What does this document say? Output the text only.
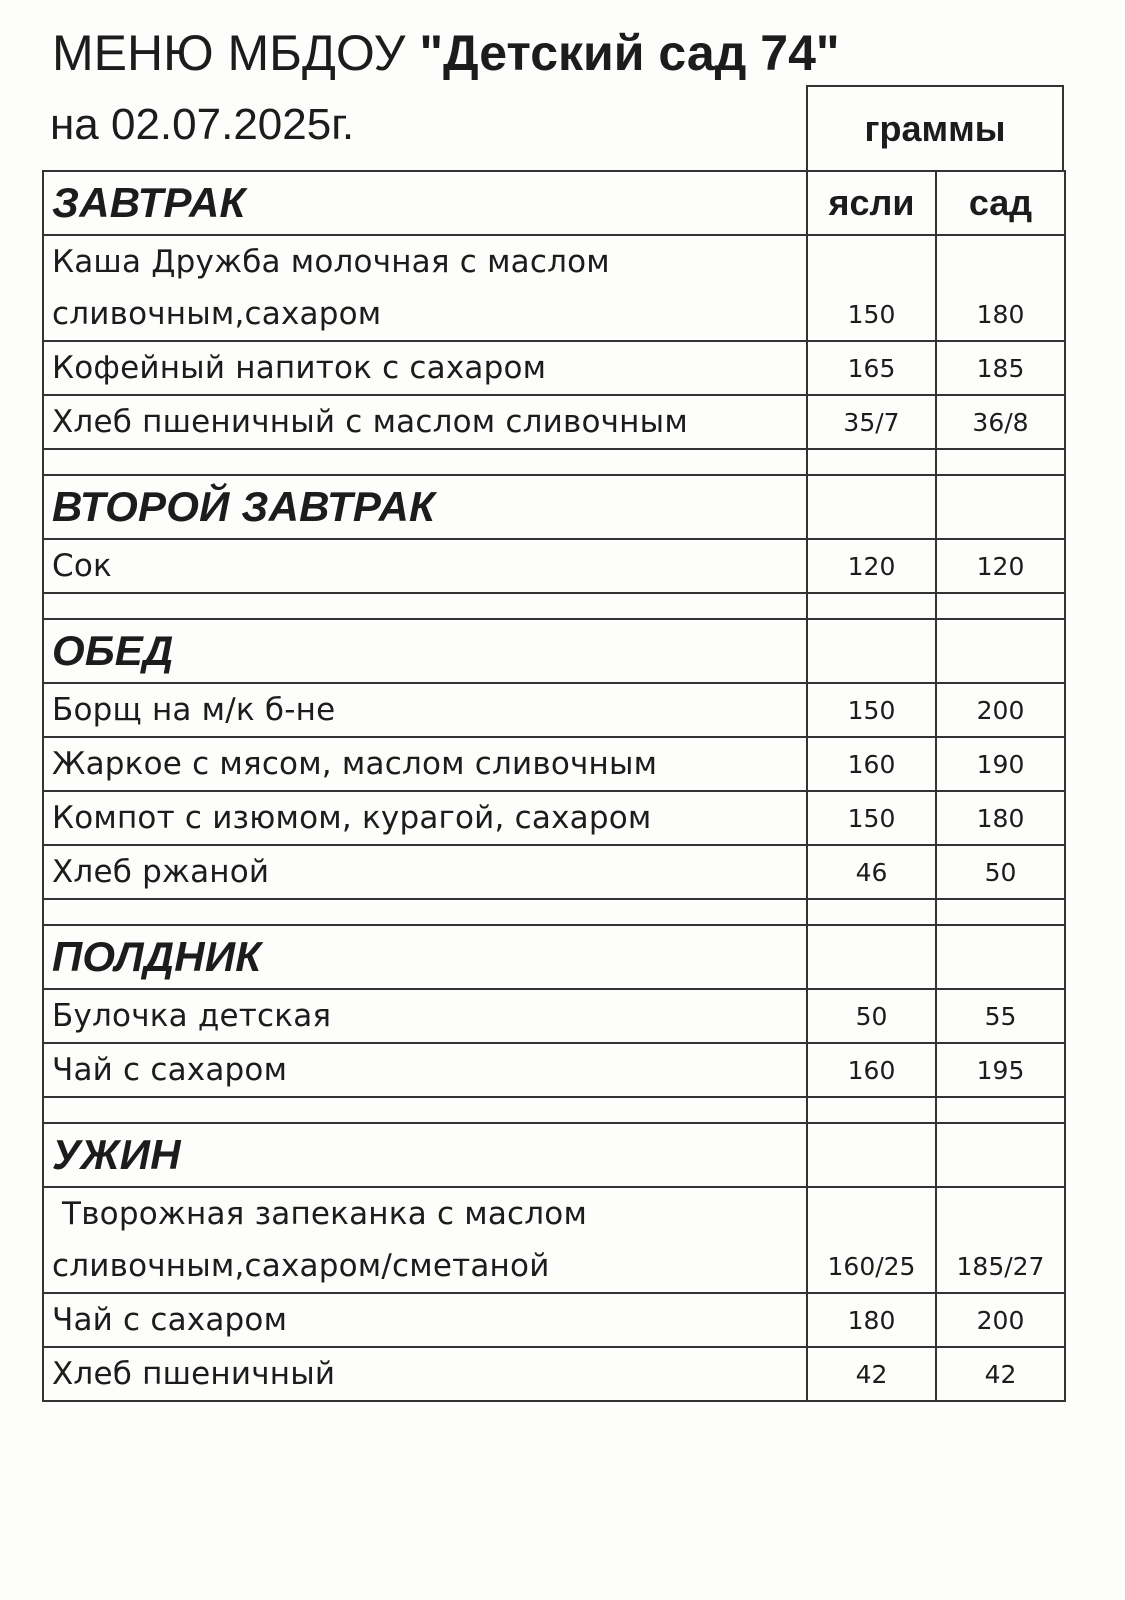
МЕНЮ МБДОУ "Детский сад 74"
на 02.07.2025г.	граммы
ЗАВТРАК	ясли	сад
Каша Дружба молочная с маслом
сливочным,сахаром	150	180
Кофейный напиток с сахаром	165	185
Хлеб пшеничный с маслом сливочным	35/7	36/8

ВТОРОЙ ЗАВТРАК		
Сок	120	120

ОБЕД		
Борщ на м/к б-не	150	200
Жаркое с мясом, маслом сливочным	160	190
Компот с изюмом, курагой, сахаром	150	180
Хлеб ржаной	46	50

ПОЛДНИК		
Булочка детская	50	55
Чай с сахаром	160	195

УЖИН		
Творожная запеканка с маслом
сливочным,сахаром/сметаной	160/25	185/27
Чай с сахаром	180	200
Хлеб пшеничный	42	42
